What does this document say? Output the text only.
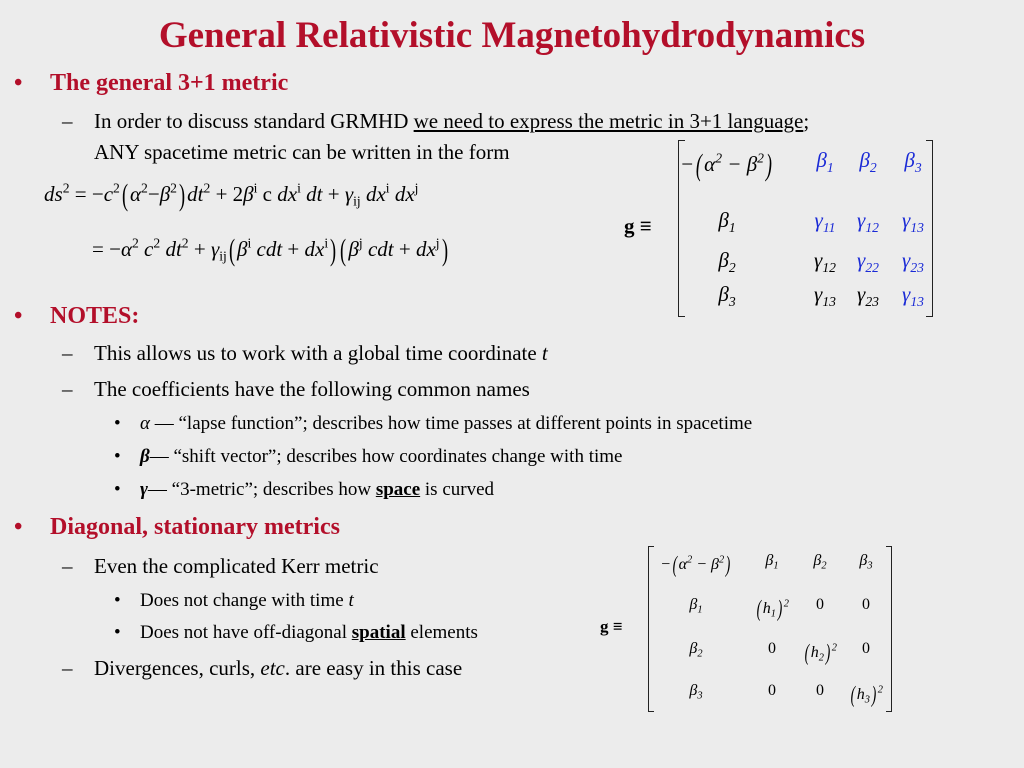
General Relativistic Magnetohydrodynamics
• The general 3+1 metric
– In order to discuss standard GRMHD we need to express the metric in 3+1 language;
ANY spacetime metric can be written in the form
$ds^2 = -c^2(\alpha^2-\beta^2)dt^2 + 2\beta^i$ c $dx^i$ dt + $\gamma_{ij}$ $dx^i$ $dx^j$
= $-\alpha^2$ $c^2$ $dt^2 + \gamma_{ij}(\beta^i$ cdt + $dx^i$) ($\beta^j$ cdt + $dx^j$)
g ≡
$-(\alpha^2 - \beta^2)$ $\beta_1$ $\beta_2$ $\beta_3$
$\beta_1$	$\gamma_{11}$ $\gamma_{12}$ $\gamma_{13}$
$\beta_2$	$\gamma_{12}$ $\gamma_{22}$ $\gamma_{23}$
$\beta_3$	$\gamma_{13}$ $\gamma_{23}$ $\gamma_{13}$
• NOTES:
– This allows us to work with a global time coordinate t
– The coefficients have the following common names
• α — “lapse function”; describes how time passes at different points in spacetime
• β— “shift vector”; describes how coordinates change with time
• γ— “3-metric”; describes how space is curved
• Diagonal, stationary metrics
– Even the complicated Kerr metric
• Does not change with time t
• Does not have off-diagonal spatial elements
– Divergences, curls, etc. are easy in this case
g ≡
$-(\alpha^2 - \beta^2)$ $\beta_1$ $\beta_2$ $\beta_3$
$\beta_1$ $(h_1)$ $^2$ 0 0
$\beta_2$	0 $(h_2)$ $^2$ 0
$\beta_3$	0	0 $(h_3)$ $^2$
